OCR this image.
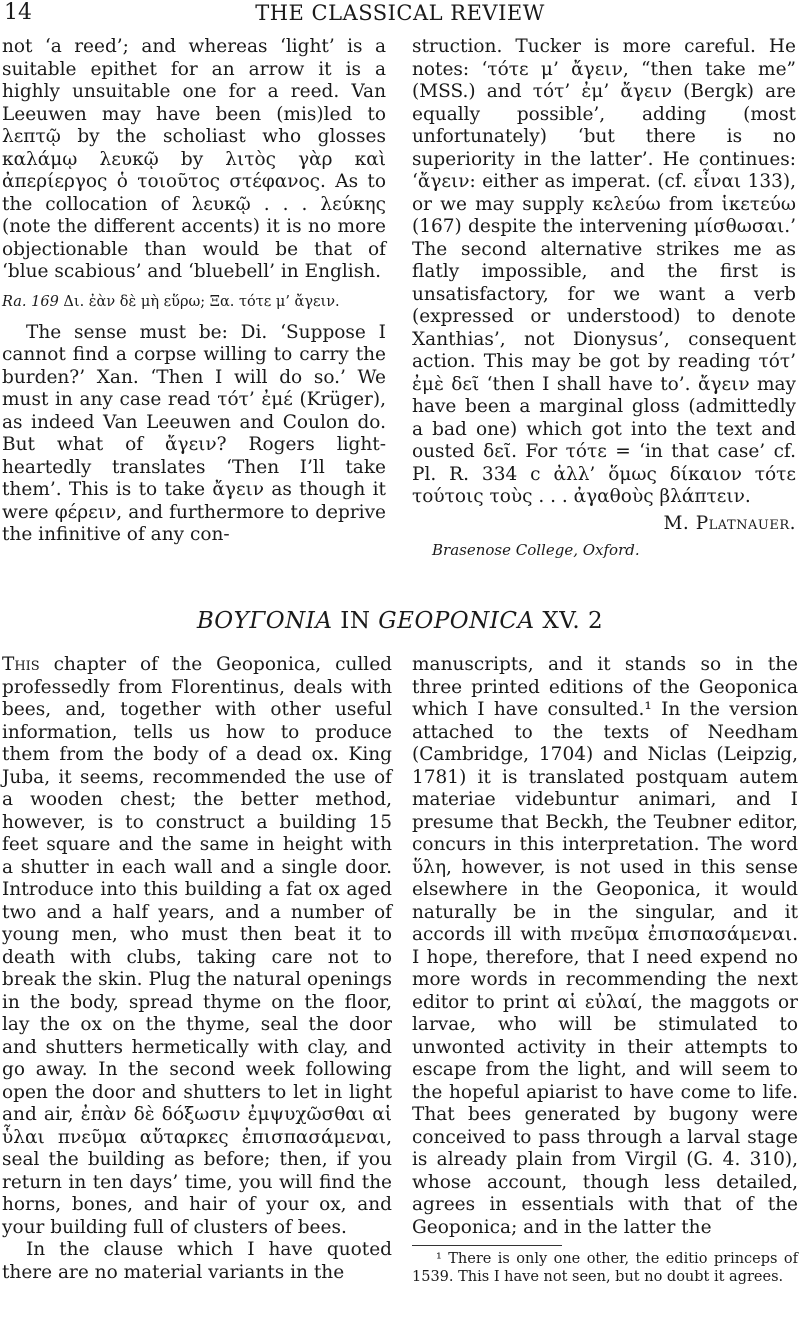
14	THE CLASSICAL REVIEW

not ‘a reed’; and whereas ‘light’ is a suitable epithet for an arrow it is a highly unsuitable one for a reed. Van Leeuwen may have been (mis)led to λεπτῷ by the scholiast who glosses καλάμῳ λευκῷ by λιτὸς γὰρ καὶ ἀπερίεργος ὁ τοιοῦτος στέφανος. As to the collocation of λευκῷ . . . λεύκης (note the different accents) it is no more objectionable than would be that of ‘blue scabious’ and ‘bluebell’ in English.

Ra. 169 Δι. ἐὰν δὲ μὴ εὕρω; Ξα. τότε μ’ ἄγειν.

The sense must be: Di. ‘Suppose I cannot find a corpse willing to carry the burden?’ Xan. ‘Then I will do so.’ We must in any case read τότ’ ἐμέ (Krüger), as indeed Van Leeuwen and Coulon do. But what of ἄγειν? Rogers light-heartedly translates ‘Then I’ll take them’. This is to take ἄγειν as though it were φέρειν, and furthermore to deprive the infinitive of any con-

struction. Tucker is more careful. He notes: ‘τότε μ’ ἄγειν, “then take me” (MSS.) and τότ’ ἐμ’ ἄγειν (Bergk) are equally possible’, adding (most unfortunately) ‘but there is no superiority in the latter’. He continues: ‘ἄγειν: either as imperat. (cf. εἶναι 133), or we may supply κελεύω from ἱκετεύω (167) despite the intervening μίσθωσαι.’ The second alternative strikes me as flatly impossible, and the first is unsatisfactory, for we want a verb (expressed or understood) to denote Xanthias’, not Dionysus’, consequent action. This may be got by reading τότ’ ἐμὲ δεῖ ‘then I shall have to’. ἄγειν may have been a marginal gloss (admittedly a bad one) which got into the text and ousted δεῖ. For τότε = ‘in that case’ cf. Pl. R. 334 c ἀλλ’ ὅμως δίκαιον τότε τούτοις τοὺς . . . ἀγαθοὺς βλάπτειν.

M. Platnauer.

Brasenose College, Oxford.

ΒΟΥΓΟΝΙΑ IN GEOPONICA XV. 2

This chapter of the Geoponica, culled professedly from Florentinus, deals with bees, and, together with other useful information, tells us how to produce them from the body of a dead ox. King Juba, it seems, recommended the use of a wooden chest; the better method, however, is to construct a building 15 feet square and the same in height with a shutter in each wall and a single door. Introduce into this building a fat ox aged two and a half years, and a number of young men, who must then beat it to death with clubs, taking care not to break the skin. Plug the natural openings in the body, spread thyme on the floor, lay the ox on the thyme, seal the door and shutters hermetically with clay, and go away. In the second week following open the door and shutters to let in light and air, ἐπὰν δὲ δόξωσιν ἐμψυχῶσθαι αἱ ὗλαι πνεῦμα αὔταρκες ἐπισπασάμεναι, seal the building as before; then, if you return in ten days’ time, you will find the horns, bones, and hair of your ox, and your building full of clusters of bees.

In the clause which I have quoted there are no material variants in the

manuscripts, and it stands so in the three printed editions of the Geoponica which I have consulted.¹ In the version attached to the texts of Needham (Cambridge, 1704) and Niclas (Leipzig, 1781) it is translated postquam autem materiae videbuntur animari, and I presume that Beckh, the Teubner editor, concurs in this interpretation. The word ὕλη, however, is not used in this sense elsewhere in the Geoponica, it would naturally be in the singular, and it accords ill with πνεῦμα ἐπισπασάμεναι. I hope, therefore, that I need expend no more words in recommending the next editor to print αἱ εὐλαί, the maggots or larvae, who will be stimulated to unwonted activity in their attempts to escape from the light, and will seem to the hopeful apiarist to have come to life. That bees generated by bugony were conceived to pass through a larval stage is already plain from Virgil (G. 4. 310), whose account, though less detailed, agrees in essentials with that of the Geoponica; and in the latter the

¹ There is only one other, the editio princeps of 1539. This I have not seen, but no doubt it agrees.
